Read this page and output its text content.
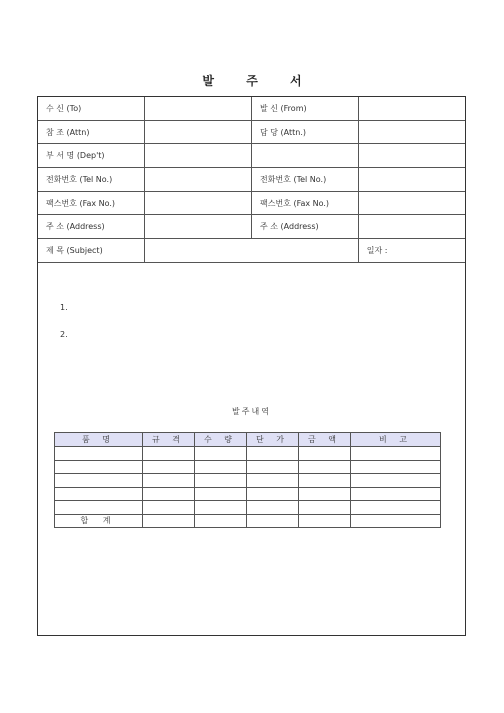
발 주 서
수 신 (To)		발 신 (From)	
참 조 (Attn)		담 당 (Attn.)	
부 서 명 (Dep't)			
전화번호 (Tel No.)		전화번호 (Tel No.)	
팩스번호 (Fax No.)		팩스번호 (Fax No.)	
주 소 (Address)		주 소 (Address)	
제 목 (Subject)			일자 :
1.
2.
발주내역
품 명	규 격	수 량	단 가	금 액	비 고

합 계					
